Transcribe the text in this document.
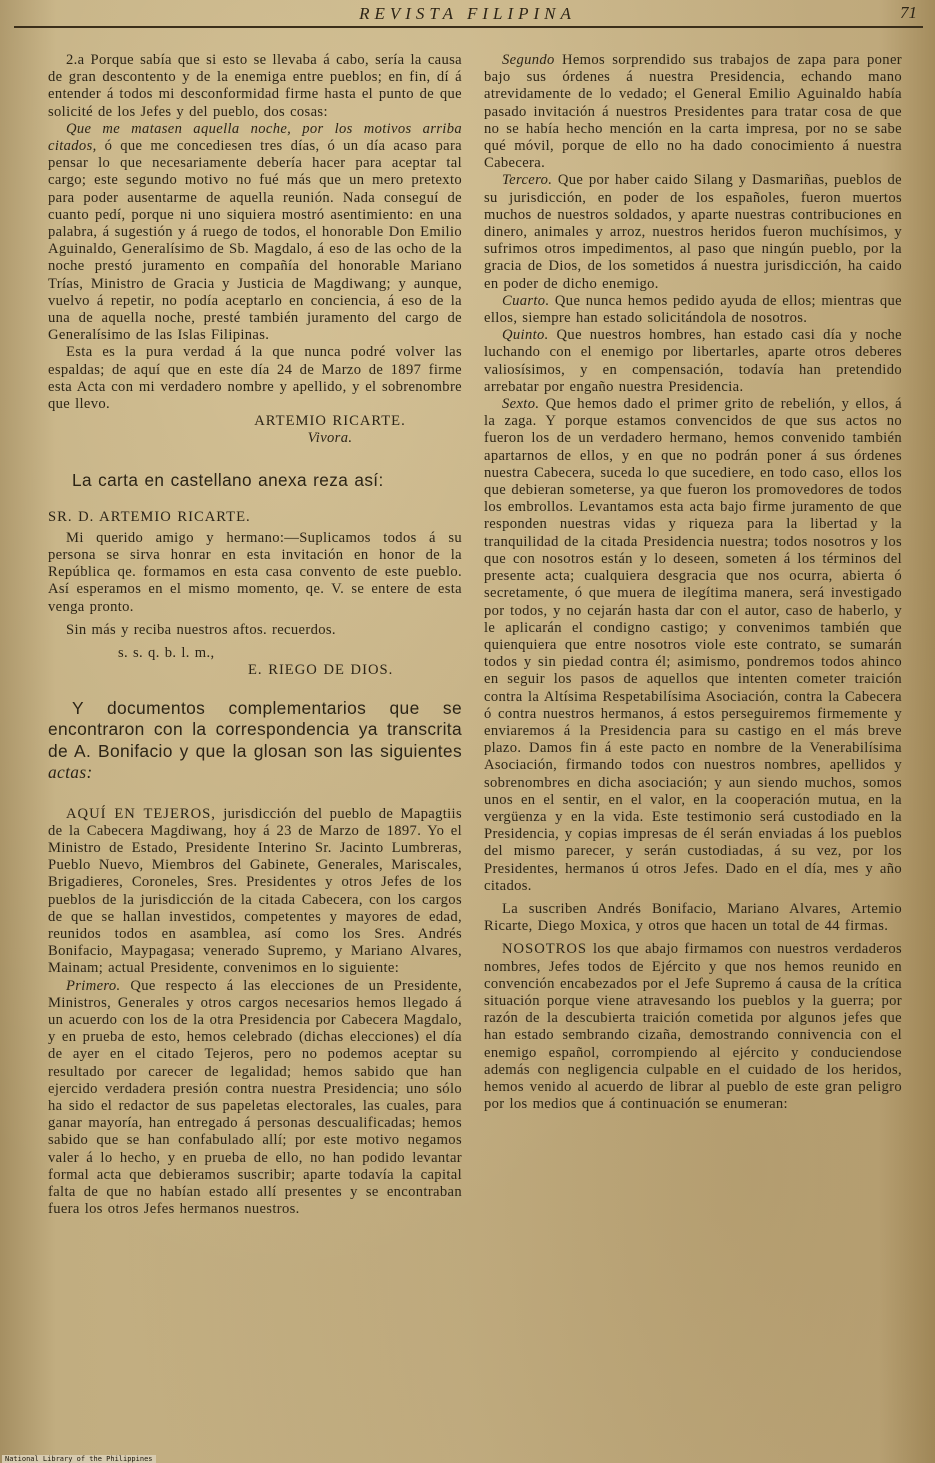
REVISTA FILIPINA	71

2.a Porque sabía que si esto se llevaba á cabo, sería la causa de gran descontento y de la enemiga entre pueblos; en fin, dí á entender á todos mi desconformidad firme hasta el punto de que solicité de los Jefes y del pueblo, dos cosas:

Que me matasen aquella noche, por los motivos arriba citados, ó que me concediesen tres días, ó un día acaso para pensar lo que necesariamente debería hacer para aceptar tal cargo; este segundo motivo no fué más que un mero pretexto para poder ausentarme de aquella reunión. Nada conseguí de cuanto pedí, porque ni uno siquiera mostró asentimiento: en una palabra, á sugestión y á ruego de todos, el honorable Don Emilio Aguinaldo, Generalísimo de Sb. Magdalo, á eso de las ocho de la noche prestó juramento en compañía del honorable Mariano Trías, Ministro de Gracia y Justicia de Magdiwang; y aunque, vuelvo á repetir, no podía aceptarlo en conciencia, á eso de la una de aquella noche, presté también juramento del cargo de Generalísimo de las Islas Filipinas.

Esta es la pura verdad á la que nunca podré volver las espaldas; de aquí que en este día 24 de Marzo de 1897 firme esta Acta con mi verdadero nombre y apellido, y el sobrenombre que llevo.

ARTEMIO RICARTE.

Vivora.

La carta en castellano anexa reza así:

SR. D. ARTEMIO RICARTE.

Mi querido amigo y hermano:—Suplicamos todos á su persona se sirva honrar en esta invitación en honor de la República qe. formamos en esta casa convento de este pueblo. Así esperamos en el mismo momento, qe. V. se entere de esta venga pronto.

Sin más y reciba nuestros aftos. recuerdos.

s. s. q. b. l. m.,

E. RIEGO DE DIOS.

Y documentos complementarios que se encontraron con la correspondencia ya transcrita de A. Bonifacio y que la glosan son las siguientes actas:

AQUÍ EN TEJEROS, jurisdicción del pueblo de Mapagtiis de la Cabecera Magdiwang, hoy á 23 de Marzo de 1897. Yo el Ministro de Estado, Presidente Interino Sr. Jacinto Lumbreras, Pueblo Nuevo, Miembros del Gabinete, Generales, Mariscales, Brigadieres, Coroneles, Sres. Presidentes y otros Jefes de los pueblos de la jurisdicción de la citada Cabecera, con los cargos de que se hallan investidos, competentes y mayores de edad, reunidos todos en asamblea, así como los Sres. Andrés Bonifacio, Maypagasa; venerado Supremo, y Mariano Alvares, Mainam; actual Presidente, convenimos en lo siguiente:

Primero. Que respecto á las elecciones de un Presidente, Ministros, Generales y otros cargos necesarios hemos llegado á un acuerdo con los de la otra Presidencia por Cabecera Magdalo, y en prueba de esto, hemos celebrado (dichas elecciones) el día de ayer en el citado Tejeros, pero no podemos aceptar su resultado por carecer de legalidad; hemos sabido que han ejercido verdadera presión contra nuestra Presidencia; uno sólo ha sido el redactor de sus papeletas electorales, las cuales, para ganar mayoría, han entregado á personas descualificadas; hemos sabido que se han confabulado allí; por este motivo negamos valer á lo hecho, y en prueba de ello, no han podido levantar formal acta que debieramos suscribir; aparte todavía la capital falta de que no habían estado allí presentes y se encontraban fuera los otros Jefes hermanos nuestros.

Segundo Hemos sorprendido sus trabajos de zapa para poner bajo sus órdenes á nuestra Presidencia, echando mano atrevidamente de lo vedado; el General Emilio Aguinaldo había pasado invitación á nuestros Presidentes para tratar cosa de que no se había hecho mención en la carta impresa, por no se sabe qué móvil, porque de ello no ha dado conocimiento á nuestra Cabecera.

Tercero. Que por haber caido Silang y Dasmariñas, pueblos de su jurisdicción, en poder de los españoles, fueron muertos muchos de nuestros soldados, y aparte nuestras contribuciones en dinero, animales y arroz, nuestros heridos fueron muchísimos, y sufrimos otros impedimentos, al paso que ningún pueblo, por la gracia de Dios, de los sometidos á nuestra jurisdicción, ha caido en poder de dicho enemigo.

Cuarto. Que nunca hemos pedido ayuda de ellos; mientras que ellos, siempre han estado solicitándola de nosotros.

Quinto. Que nuestros hombres, han estado casi día y noche luchando con el enemigo por libertarles, aparte otros deberes valiosísimos, y en compensación, todavía han pretendido arrebatar por engaño nuestra Presidencia.

Sexto. Que hemos dado el primer grito de rebelión, y ellos, á la zaga. Y porque estamos convencidos de que sus actos no fueron los de un verdadero hermano, hemos convenido también apartarnos de ellos, y en que no podrán poner á sus órdenes nuestra Cabecera, suceda lo que sucediere, en todo caso, ellos los que debieran someterse, ya que fueron los promovedores de todos los embrollos. Levantamos esta acta bajo firme juramento de que responden nuestras vidas y riqueza para la libertad y la tranquilidad de la citada Presidencia nuestra; todos nosotros y los que con nosotros están y lo deseen, someten á los términos del presente acta; cualquiera desgracia que nos ocurra, abierta ó secretamente, ó que muera de ilegítima manera, será investigado por todos, y no cejarán hasta dar con el autor, caso de haberlo, y le aplicarán el condigno castigo; y convenimos también que quienquiera que entre nosotros viole este contrato, se sumarán todos y sin piedad contra él; asimismo, pondremos todos ahinco en seguir los pasos de aquellos que intenten cometer traición contra la Altísima Respetabilísima Asociación, contra la Cabecera ó contra nuestros hermanos, á estos perseguiremos firmemente y enviaremos á la Presidencia para su castigo en el más breve plazo. Damos fin á este pacto en nombre de la Venerabilísima Asociación, firmando todos con nuestros nombres, apellidos y sobrenombres en dicha asociación; y aun siendo muchos, somos unos en el sentir, en el valor, en la cooperación mutua, en la vergüenza y en la vida. Este testimonio será custodiado en la Presidencia, y copias impresas de él serán enviadas á los pueblos del mismo parecer, y serán custodiadas, á su vez, por los Presidentes, hermanos ú otros Jefes. Dado en el día, mes y año citados.

La suscriben Andrés Bonifacio, Mariano Alvares, Artemio Ricarte, Diego Moxica, y otros que hacen un total de 44 firmas.

NOSOTROS los que abajo firmamos con nuestros verdaderos nombres, Jefes todos de Ejército y que nos hemos reunido en convención encabezados por el Jefe Supremo á causa de la crítica situación porque viene atravesando los pueblos y la guerra; por razón de la descubierta traición cometida por algunos jefes que han estado sembrando cizaña, demostrando connivencia con el enemigo español, corrompiendo al ejército y conduciendose además con negligencia culpable en el cuidado de los heridos, hemos venido al acuerdo de librar al pueblo de este gran peligro por los medios que á continuación se enumeran:

National Library of the Philippines
